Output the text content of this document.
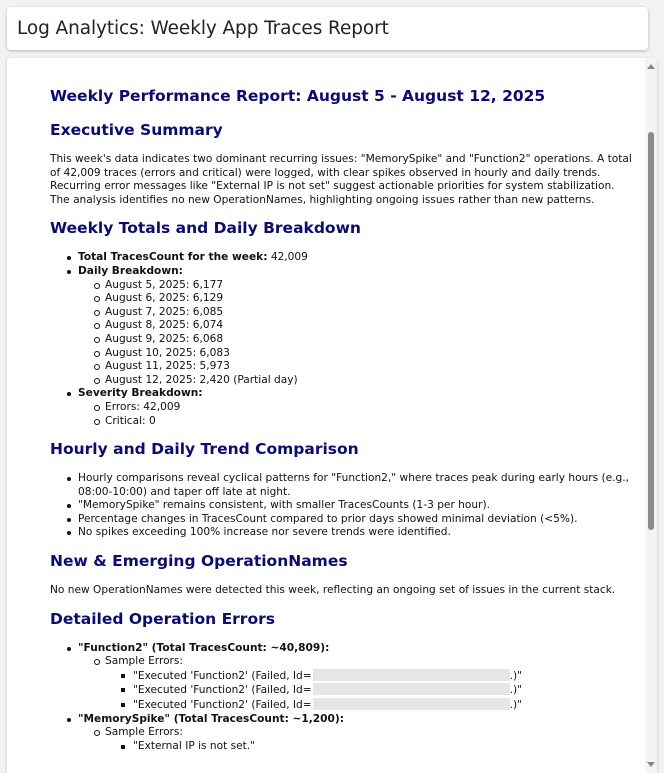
Log Analytics: Weekly App Traces Report
Weekly Performance Report: August 5 - August 12, 2025
Executive Summary

This week's data indicates two dominant recurring issues: "MemorySpike" and "Function2" operations. A total of 42,009 traces (errors and critical) were logged, with clear spikes observed in hourly and daily trends. Recurring error messages like "External IP is not set" suggest actionable priorities for system stabilization. The analysis identifies no new OperationNames, highlighting ongoing issues rather than new patterns.

Weekly Totals and Daily Breakdown
Total TracesCount for the week: 42,009
Daily Breakdown:
August 5, 2025: 6,177
August 6, 2025: 6,129
August 7, 2025: 6,085
August 8, 2025: 6,074
August 9, 2025: 6,068
August 10, 2025: 6,083
August 11, 2025: 5,973
August 12, 2025: 2,420 (Partial day)
Severity Breakdown:
Errors: 42,009
Critical: 0
Hourly and Daily Trend Comparison
Hourly comparisons reveal cyclical patterns for "Function2," where traces peak during early hours (e.g., 08:00-10:00) and taper off late at night.
"MemorySpike" remains consistent, with smaller TracesCounts (1-3 per hour).
Percentage changes in TracesCount compared to prior days showed minimal deviation (<5%).
No spikes exceeding 100% increase nor severe trends were identified.
New & Emerging OperationNames

No new OperationNames were detected this week, reflecting an ongoing set of issues in the current stack.

Detailed Operation Errors
"Function2" (Total TracesCount: ~40,809):
Sample Errors:
"Executed 'Function2' (Failed, Id=	.)"
"Executed 'Function2' (Failed, Id=	.)"
"Executed 'Function2' (Failed, Id=	.)"
"MemorySpike" (Total TracesCount: ~1,200):
Sample Errors:
"External IP is not set."
